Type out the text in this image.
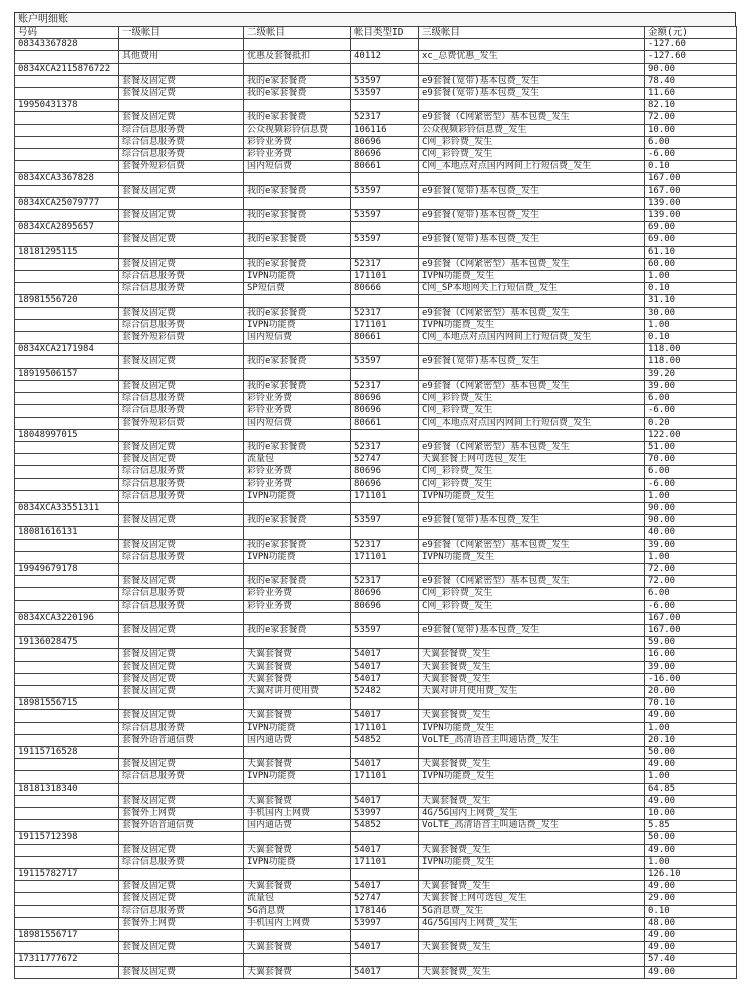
账户明细账
号码	一级帐目	二级帐目	帐目类型ID	三级帐目	金额(元)
08343367828					-127.60
	其他费用	优惠及套餐抵扣	40112	xc_总费优惠_发生	-127.60
0834XCA2115876722					90.00
	套餐及固定费	我的e家套餐费	53597	e9套餐(宽带)基本包费_发生	78.40
	套餐及固定费	我的e家套餐费	53597	e9套餐(宽带)基本包费_发生	11.60
19950431378					82.10
	套餐及固定费	我的e家套餐费	52317	e9套餐（C网紧密型）基本包费_发生	72.00
	综合信息服务费	公众视频彩铃信息费	106116	公众视频彩铃信息费_发生	10.00
	综合信息服务费	彩铃业务费	80696	C网_彩铃费_发生	6.00
	综合信息服务费	彩铃业务费	80696	C网_彩铃费_发生	-6.00
	套餐外短彩信费	国内短信费	80661	C网_本地点对点国内网间上行短信费_发生	0.10
0834XCA3367828					167.00
	套餐及固定费	我的e家套餐费	53597	e9套餐(宽带)基本包费_发生	167.00
0834XCA25079777					139.00
	套餐及固定费	我的e家套餐费	53597	e9套餐(宽带)基本包费_发生	139.00
0834XCA2895657					69.00
	套餐及固定费	我的e家套餐费	53597	e9套餐(宽带)基本包费_发生	69.00
18181295115					61.10
	套餐及固定费	我的e家套餐费	52317	e9套餐（C网紧密型）基本包费_发生	60.00
	综合信息服务费	IVPN功能费	171101	IVPN功能费_发生	1.00
	综合信息服务费	SP短信费	80666	C网_SP本地网关上行短信费_发生	0.10
18981556720					31.10
	套餐及固定费	我的e家套餐费	52317	e9套餐（C网紧密型）基本包费_发生	30.00
	综合信息服务费	IVPN功能费	171101	IVPN功能费_发生	1.00
	套餐外短彩信费	国内短信费	80661	C网_本地点对点国内网间上行短信费_发生	0.10
0834XCA2171984					118.00
	套餐及固定费	我的e家套餐费	53597	e9套餐(宽带)基本包费_发生	118.00
18919506157					39.20
	套餐及固定费	我的e家套餐费	52317	e9套餐（C网紧密型）基本包费_发生	39.00
	综合信息服务费	彩铃业务费	80696	C网_彩铃费_发生	6.00
	综合信息服务费	彩铃业务费	80696	C网_彩铃费_发生	-6.00
	套餐外短彩信费	国内短信费	80661	C网_本地点对点国内网间上行短信费_发生	0.20
18048997015					122.00
	套餐及固定费	我的e家套餐费	52317	e9套餐（C网紧密型）基本包费_发生	51.00
	套餐及固定费	流量包	52747	天翼套餐上网可选包_发生	70.00
	综合信息服务费	彩铃业务费	80696	C网_彩铃费_发生	6.00
	综合信息服务费	彩铃业务费	80696	C网_彩铃费_发生	-6.00
	综合信息服务费	IVPN功能费	171101	IVPN功能费_发生	1.00
0834XCA33551311					90.00
	套餐及固定费	我的e家套餐费	53597	e9套餐(宽带)基本包费_发生	90.00
18081616131					40.00
	套餐及固定费	我的e家套餐费	52317	e9套餐（C网紧密型）基本包费_发生	39.00
	综合信息服务费	IVPN功能费	171101	IVPN功能费_发生	1.00
19949679178					72.00
	套餐及固定费	我的e家套餐费	52317	e9套餐（C网紧密型）基本包费_发生	72.00
	综合信息服务费	彩铃业务费	80696	C网_彩铃费_发生	6.00
	综合信息服务费	彩铃业务费	80696	C网_彩铃费_发生	-6.00
0834XCA3220196					167.00
	套餐及固定费	我的e家套餐费	53597	e9套餐(宽带)基本包费_发生	167.00
19136028475					59.00
	套餐及固定费	天翼套餐费	54017	天翼套餐费_发生	16.00
	套餐及固定费	天翼套餐费	54017	天翼套餐费_发生	39.00
	套餐及固定费	天翼套餐费	54017	天翼套餐费_发生	-16.00
	套餐及固定费	天翼对讲月使用费	52482	天翼对讲月使用费_发生	20.00
18981556715					70.10
	套餐及固定费	天翼套餐费	54017	天翼套餐费_发生	49.00
	综合信息服务费	IVPN功能费	171101	IVPN功能费_发生	1.00
	套餐外语音通信费	国内通话费	54852	VoLTE_高清语音主叫通话费_发生	20.10
19115716528					50.00
	套餐及固定费	天翼套餐费	54017	天翼套餐费_发生	49.00
	综合信息服务费	IVPN功能费	171101	IVPN功能费_发生	1.00
18181318340					64.85
	套餐及固定费	天翼套餐费	54017	天翼套餐费_发生	49.00
	套餐外上网费	手机国内上网费	53997	4G/5G国内上网费_发生	10.00
	套餐外语音通信费	国内通话费	54852	VoLTE_高清语音主叫通话费_发生	5.85
19115712398					50.00
	套餐及固定费	天翼套餐费	54017	天翼套餐费_发生	49.00
	综合信息服务费	IVPN功能费	171101	IVPN功能费_发生	1.00
19115782717					126.10
	套餐及固定费	天翼套餐费	54017	天翼套餐费_发生	49.00
	套餐及固定费	流量包	52747	天翼套餐上网可选包_发生	29.00
	综合信息服务费	5G消息费	178146	5G消息费_发生	0.10
	套餐外上网费	手机国内上网费	53997	4G/5G国内上网费_发生	48.00
18981556717					49.00
	套餐及固定费	天翼套餐费	54017	天翼套餐费_发生	49.00
17311777672					57.40
	套餐及固定费	天翼套餐费	54017	天翼套餐费_发生	49.00
